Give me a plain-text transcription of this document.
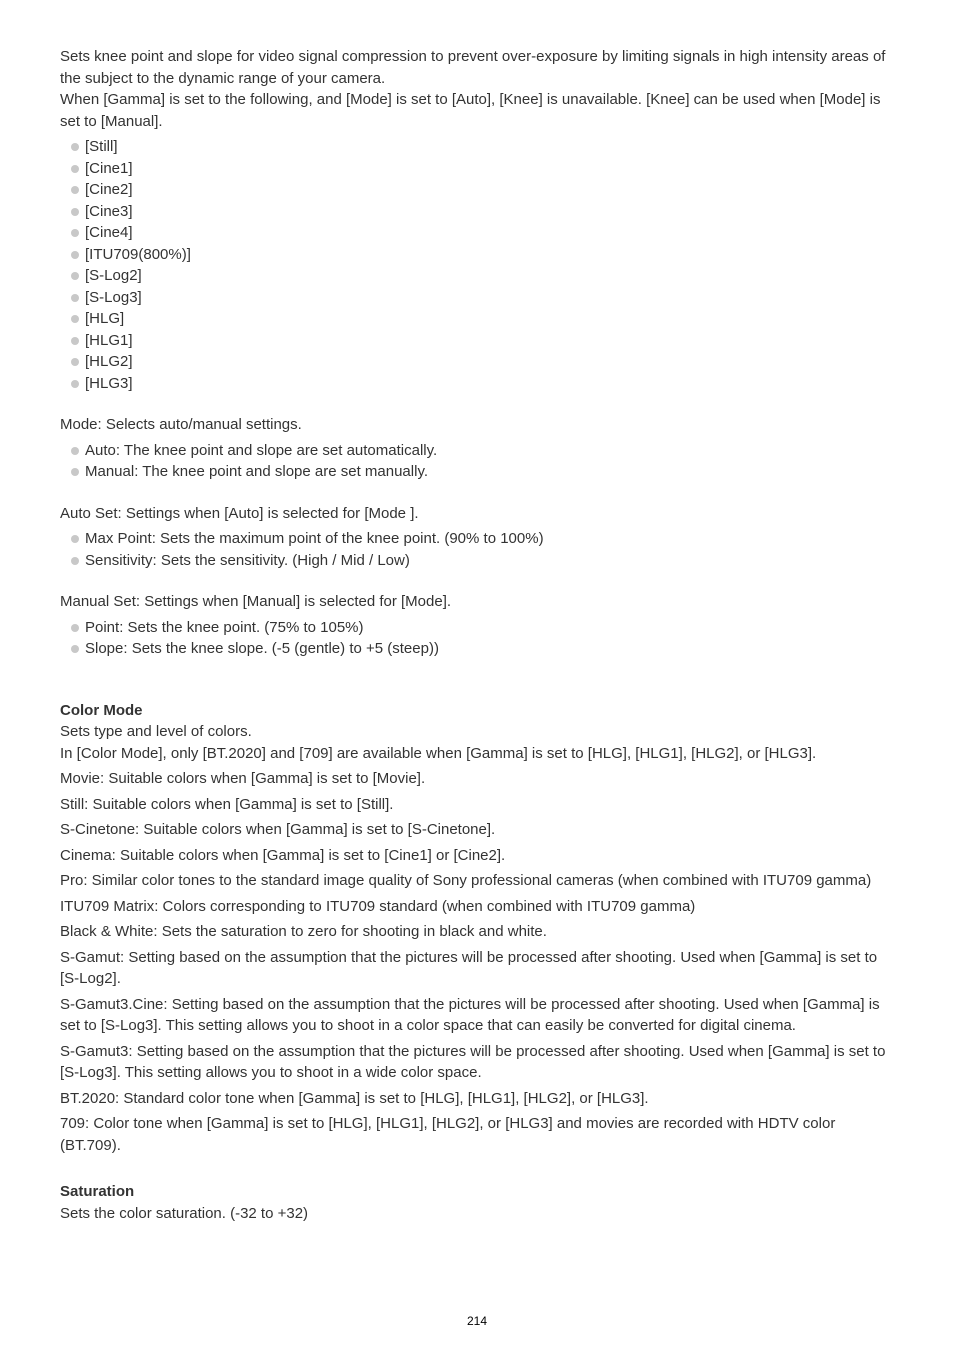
Sets knee point and slope for video signal compression to prevent over-exposure by limiting signals in high intensity areas of the subject to the dynamic range of your camera.

When [Gamma] is set to the following, and [Mode] is set to [Auto], [Knee] is unavailable. [Knee] can be used when [Mode] is set to [Manual].

[Still]
[Cine1]
[Cine2]
[Cine3]
[Cine4]
[ITU709(800%)]
[S-Log2]
[S-Log3]
[HLG]
[HLG1]
[HLG2]
[HLG3]

Mode: Selects auto/manual settings.

Auto: The knee point and slope are set automatically.
Manual: The knee point and slope are set manually.

Auto Set: Settings when [Auto] is selected for [Mode ].

Max Point: Sets the maximum point of the knee point. (90% to 100%)
Sensitivity: Sets the sensitivity. (High / Mid / Low)

Manual Set: Settings when [Manual] is selected for [Mode].

Point: Sets the knee point. (75% to 105%)
Slope: Sets the knee slope. (-5 (gentle) to +5 (steep))

Color Mode

Sets type and level of colors.

In [Color Mode], only [BT.2020] and [709] are available when [Gamma] is set to [HLG], [HLG1], [HLG2], or [HLG3].

Movie: Suitable colors when [Gamma] is set to [Movie].

Still: Suitable colors when [Gamma] is set to [Still].

S-Cinetone: Suitable colors when [Gamma] is set to [S-Cinetone].

Cinema: Suitable colors when [Gamma] is set to [Cine1] or [Cine2].

Pro: Similar color tones to the standard image quality of Sony professional cameras (when combined with ITU709 gamma)

ITU709 Matrix: Colors corresponding to ITU709 standard (when combined with ITU709 gamma)

Black & White: Sets the saturation to zero for shooting in black and white.

S-Gamut: Setting based on the assumption that the pictures will be processed after shooting. Used when [Gamma] is set to [S-Log2].

S-Gamut3.Cine: Setting based on the assumption that the pictures will be processed after shooting. Used when [Gamma] is set to [S-Log3]. This setting allows you to shoot in a color space that can easily be converted for digital cinema.

S-Gamut3: Setting based on the assumption that the pictures will be processed after shooting. Used when [Gamma] is set to [S-Log3]. This setting allows you to shoot in a wide color space.

BT.2020: Standard color tone when [Gamma] is set to [HLG], [HLG1], [HLG2], or [HLG3].

709: Color tone when [Gamma] is set to [HLG], [HLG1], [HLG2], or [HLG3] and movies are recorded with HDTV color (BT.709).

Saturation

Sets the color saturation. (-32 to +32)

214
